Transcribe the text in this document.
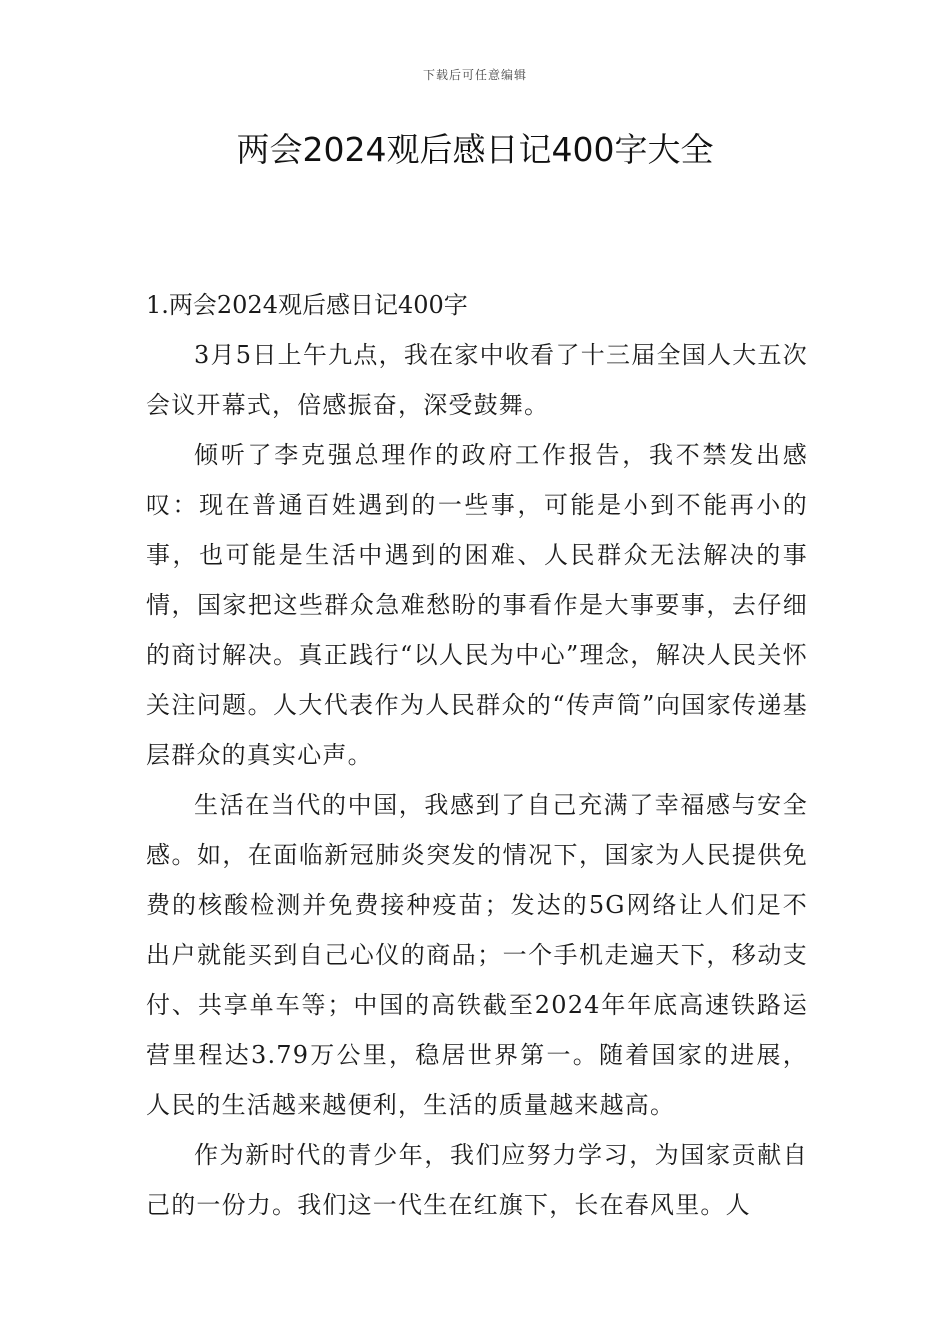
下载后可任意编辑
两会2024观后感日记400字大全
1.两会2024观后感日记400字

3月5日上午九点，我在家中收看了十三届全国人大五次会议开幕式，倍感振奋，深受鼓舞。

倾听了李克强总理作的政府工作报告，我不禁发出感叹：现在普通百姓遇到的一些事，可能是小到不能再小的事，也可能是生活中遇到的困难、人民群众无法解决的事情，国家把这些群众急难愁盼的事看作是大事要事，去仔细的商讨解决。真正践行“以人民为中心”理念，解决人民关怀关注问题。人大代表作为人民群众的“传声筒”向国家传递基层群众的真实心声。

生活在当代的中国，我感到了自己充满了幸福感与安全感。如，在面临新冠肺炎突发的情况下，国家为人民提供免费的核酸检测并免费接种疫苗；发达的5G网络让人们足不出户就能买到自己心仪的商品；一个手机走遍天下，移动支付、共享单车等；中国的高铁截至2024年年底高速铁路运营里程达3.79万公里，稳居世界第一。随着国家的进展，人民的生活越来越便利，生活的质量越来越高。

作为新时代的青少年，我们应努力学习，为国家贡献自己的一份力。我们这一代生在红旗下，长在春风里。人
